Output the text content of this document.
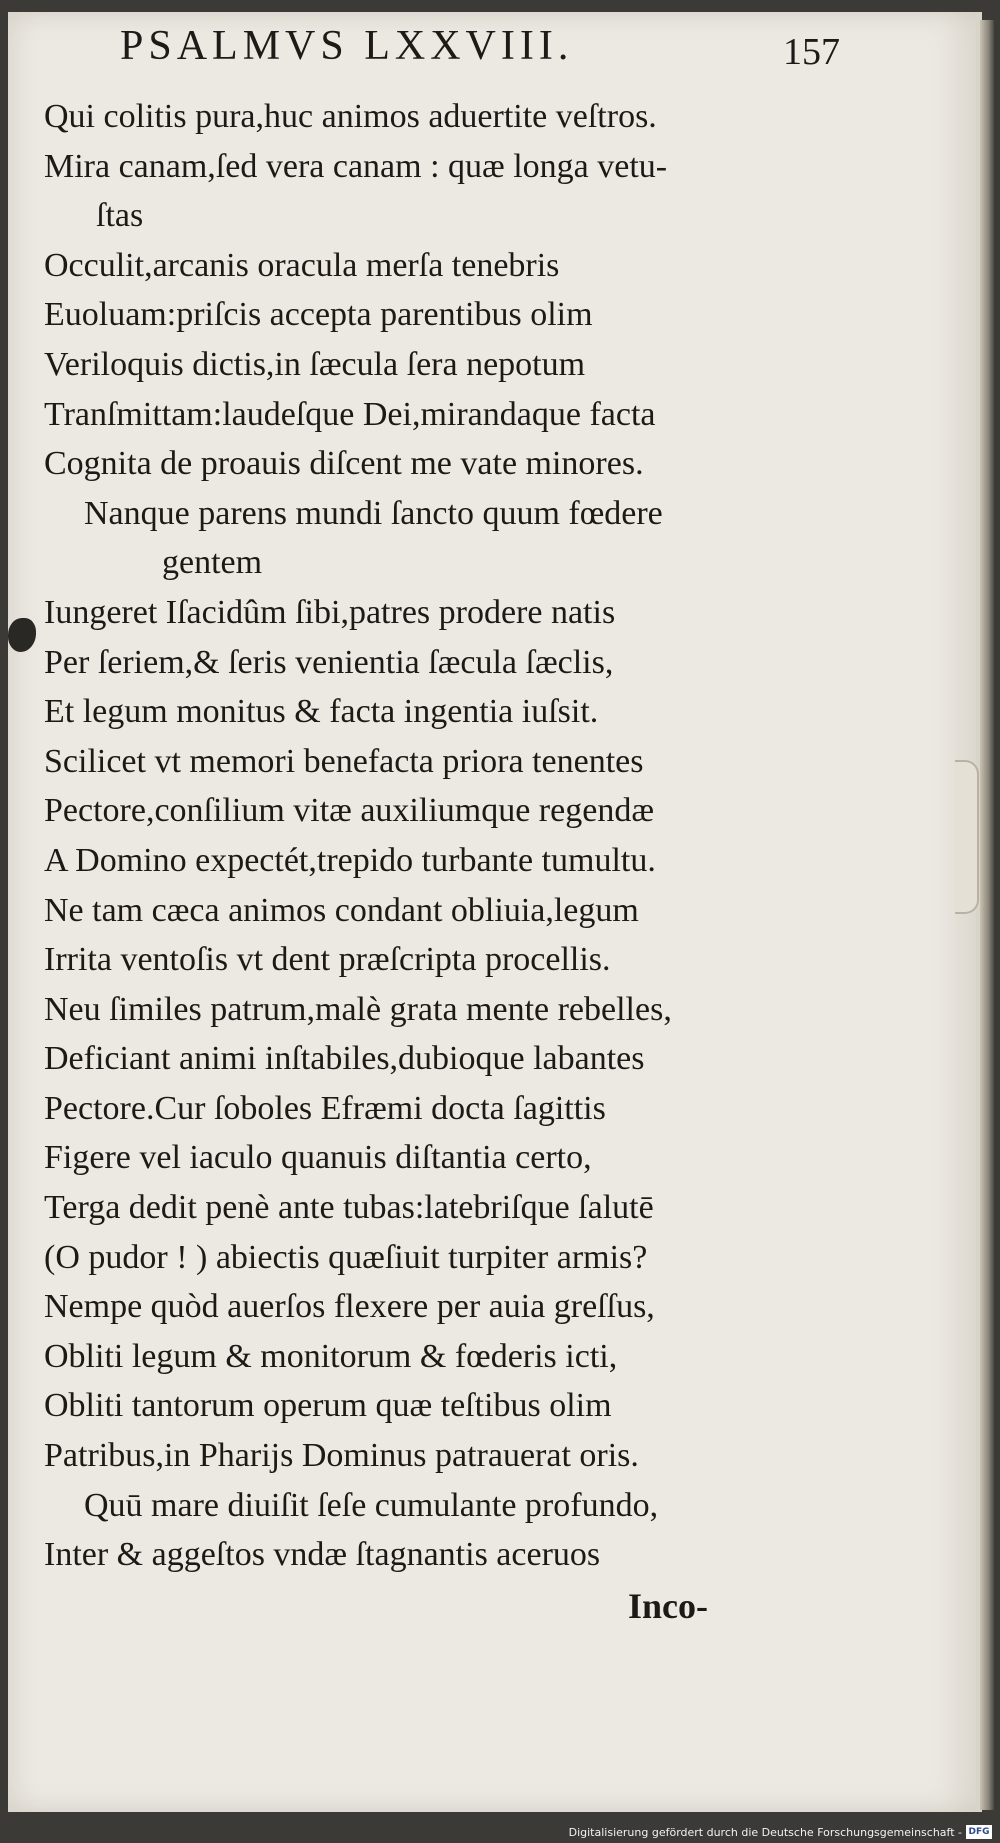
PSALMVS LXXVIII.	157
Qui colitis pura,huc animos aduertite veſtros.
Mira canam,ſed vera canam : quæ longa vetu-
ſtas
Occulit,arcanis oracula merſa tenebris
Euoluam:priſcis accepta parentibus olim
Veriloquis dictis,in ſæcula ſera nepotum
Tranſmittam:laudeſque Dei,mirandaque facta
Cognita de proauis diſcent me vate minores.
Nanque parens mundi ſancto quum fœdere
gentem
Iungeret Iſacidûm ſibi,patres prodere natis
Per ſeriem,& ſeris venientia ſæcula ſæclis,
Et legum monitus & facta ingentia iuſsit.
Scilicet vt memori benefacta priora tenentes
Pectore,conſilium vitæ auxiliumque regendæ
A Domino expectét,trepido turbante tumultu.
Ne tam cæca animos condant obliuia,legum
Irrita ventoſis vt dent præſcripta procellis.
Neu ſimiles patrum,malè grata mente rebelles,
Deficiant animi inſtabiles,dubioque labantes
Pectore.Cur ſoboles Efræmi docta ſagittis
Figere vel iaculo quanuis diſtantia certo,
Terga dedit penè ante tubas:latebriſque ſalutē
(O pudor ! ) abiectis quæſiuit turpiter armis?
Nempe quòd auerſos flexere per auia greſſus,
Obliti legum & monitorum & fœderis icti,
Obliti tantorum operum quæ teſtibus olim
Patribus,in Pharijs Dominus patrauerat oris.
Quū mare diuiſit ſeſe cumulante profundo,
Inter & aggeſtos vndæ ſtagnantis aceruos
Inco-
Digitalisierung gefördert durch die Deutsche Forschungsgemeinschaft - DFG
